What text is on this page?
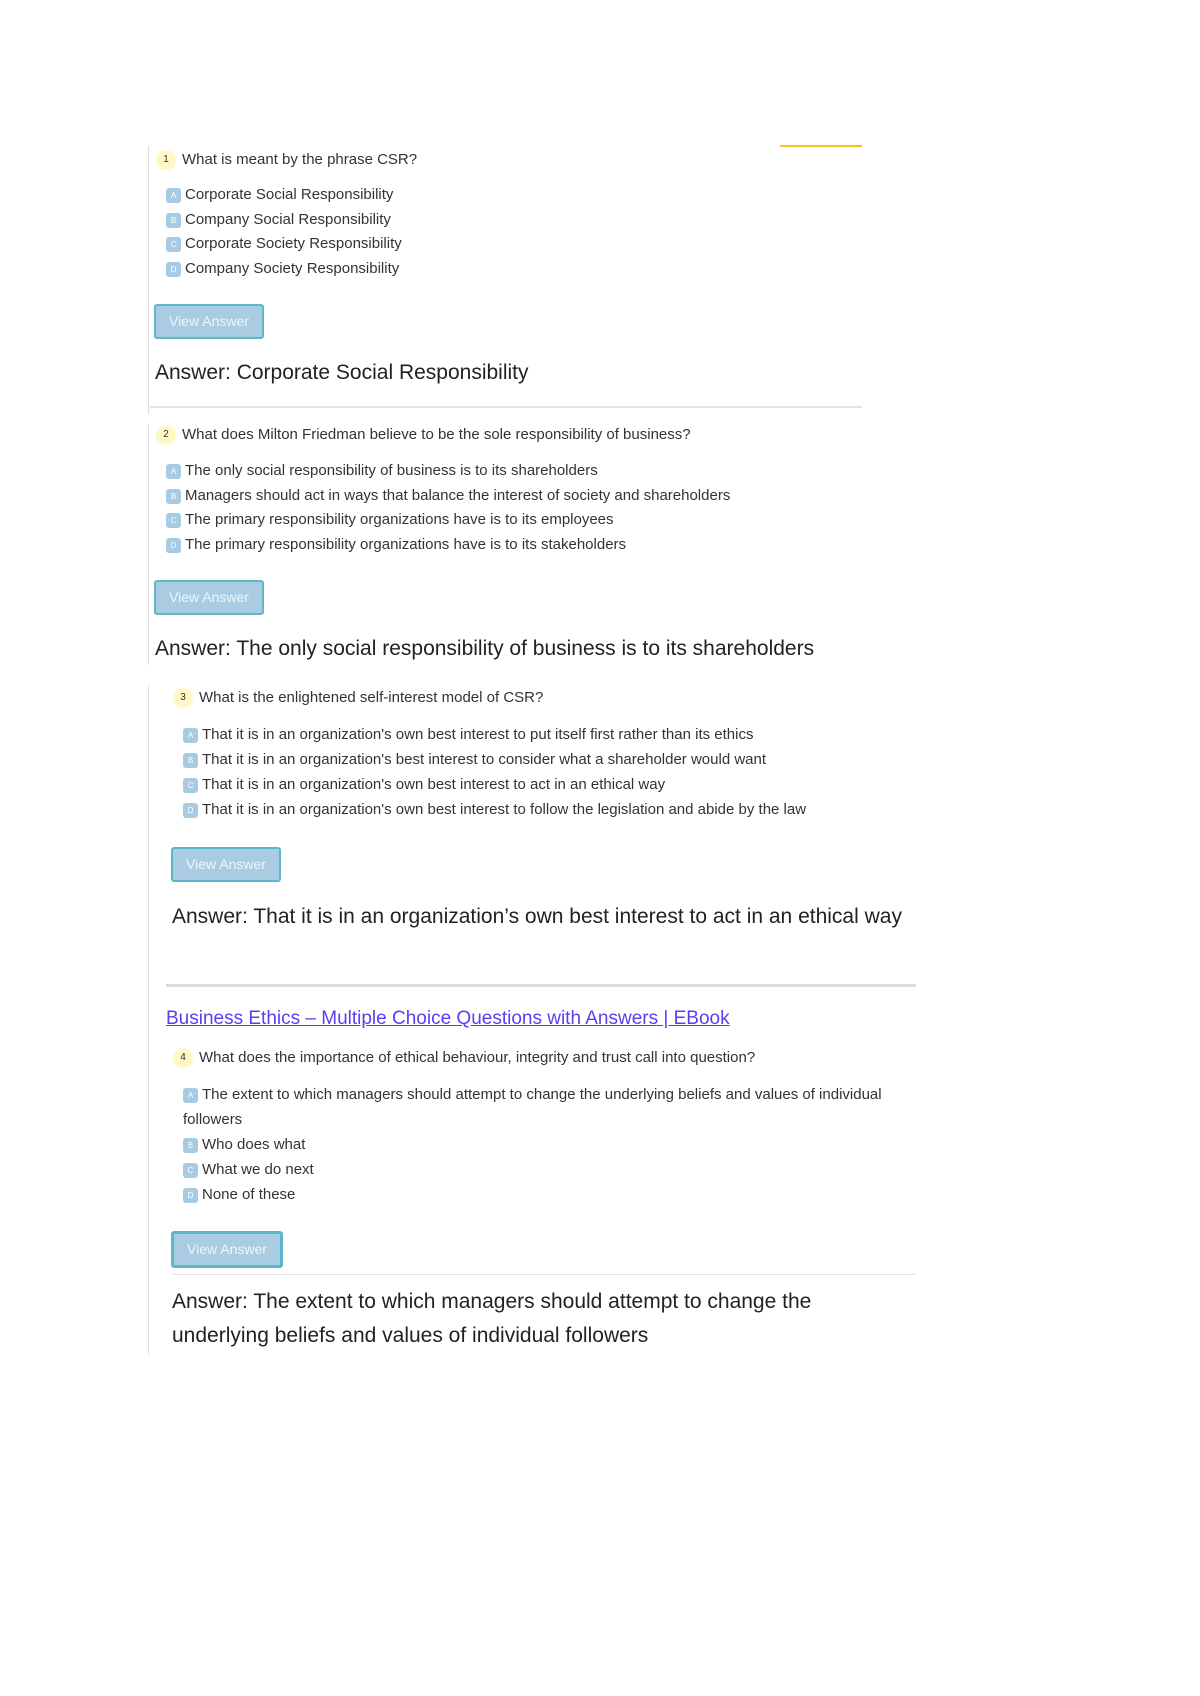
1 What is meant by the phrase CSR?
A Corporate Social Responsibility
B Company Social Responsibility
C Corporate Society Responsibility
D Company Society Responsibility
View Answer
Answer: Corporate Social Responsibility
2 What does Milton Friedman believe to be the sole responsibility of business?
A The only social responsibility of business is to its shareholders
B Managers should act in ways that balance the interest of society and shareholders
C The primary responsibility organizations have is to its employees
D The primary responsibility organizations have is to its stakeholders
View Answer
Answer: The only social responsibility of business is to its shareholders
3 What is the enlightened self-interest model of CSR?
A That it is in an organization's own best interest to put itself first rather than its ethics
B That it is in an organization's best interest to consider what a shareholder would want
C That it is in an organization's own best interest to act in an ethical way
D That it is in an organization's own best interest to follow the legislation and abide by the law
View Answer
Answer: That it is in an organization’s own best interest to act in an ethical way
Business Ethics – Multiple Choice Questions with Answers | EBook
4 What does the importance of ethical behaviour, integrity and trust call into question?
A The extent to which managers should attempt to change the underlying beliefs and values of individual followers
B Who does what
C What we do next
D None of these
View Answer
Answer: The extent to which managers should attempt to change the underlying beliefs and values of individual followers
